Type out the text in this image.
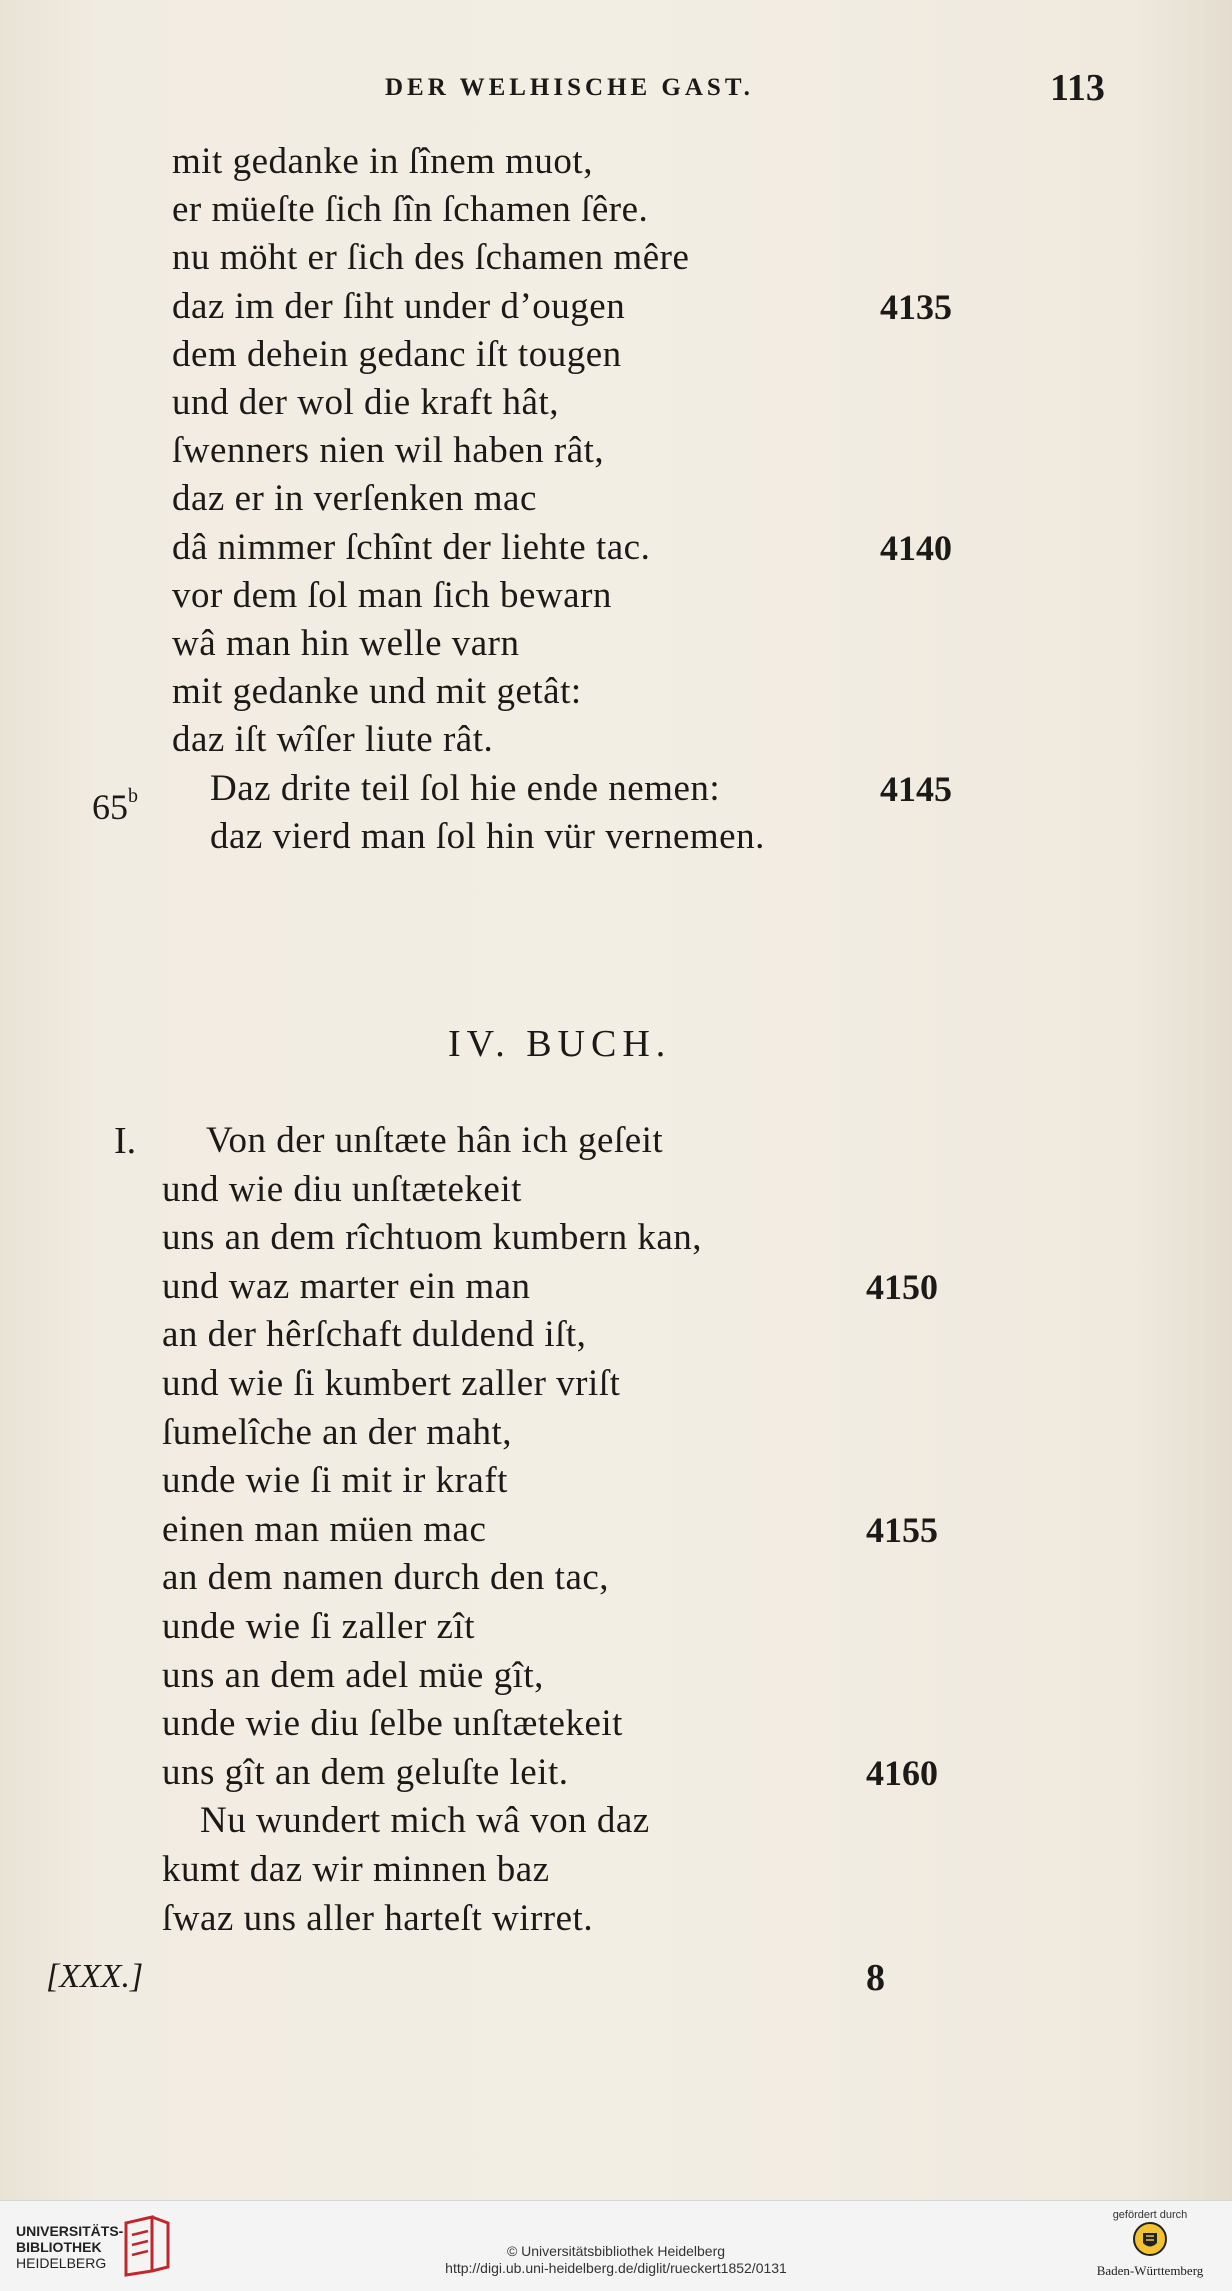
DER WELHISCHE GAST.	113
mit gedanke in ſînem muot,
er müeſte ſich ſîn ſchamen ſêre.
nu möht er ſich des ſchamen mêre
daz im der ſiht under d’ougen	4135
dem dehein gedanc iſt tougen
und der wol die kraft hât,
ſwenners nien wil haben rât,
daz er in verſenken mac
dâ nimmer ſchînt der liehte tac.	4140
vor dem ſol man ſich bewarn
wâ man hin welle varn
mit gedanke und mit getât:
daz iſt wîſer liute rât.
Daz drite teil ſol hie ende nemen:	4145
daz vierd man ſol hin vür vernemen.
65$^b$
IV. BUCH.
I. Von der unſtæte hân ich geſeit
und wie diu unſtætekeit
uns an dem rîchtuom kumbern kan,
und waz marter ein man	4150
an der hêrſchaft duldend iſt,
und wie ſi kumbert zaller vriſt
ſumelîche an der maht,
unde wie ſi mit ir kraft
einen man müen mac	4155
an dem namen durch den tac,
unde wie ſi zaller zît
uns an dem adel müe gît,
unde wie diu ſelbe unſtætekeit
uns gît an dem geluſte leit.	4160
Nu wundert mich wâ von daz
kumt daz wir minnen baz
ſwaz uns aller harteſt wirret.
[XXX.]	8
UNIVERSITÄTS-
BIBLIOTHEK
HEIDELBERG
© Universitätsbibliothek Heidelberg
http://digi.ub.uni-heidelberg.de/diglit/rueckert1852/0131
gefördert durch
Baden-Württemberg
